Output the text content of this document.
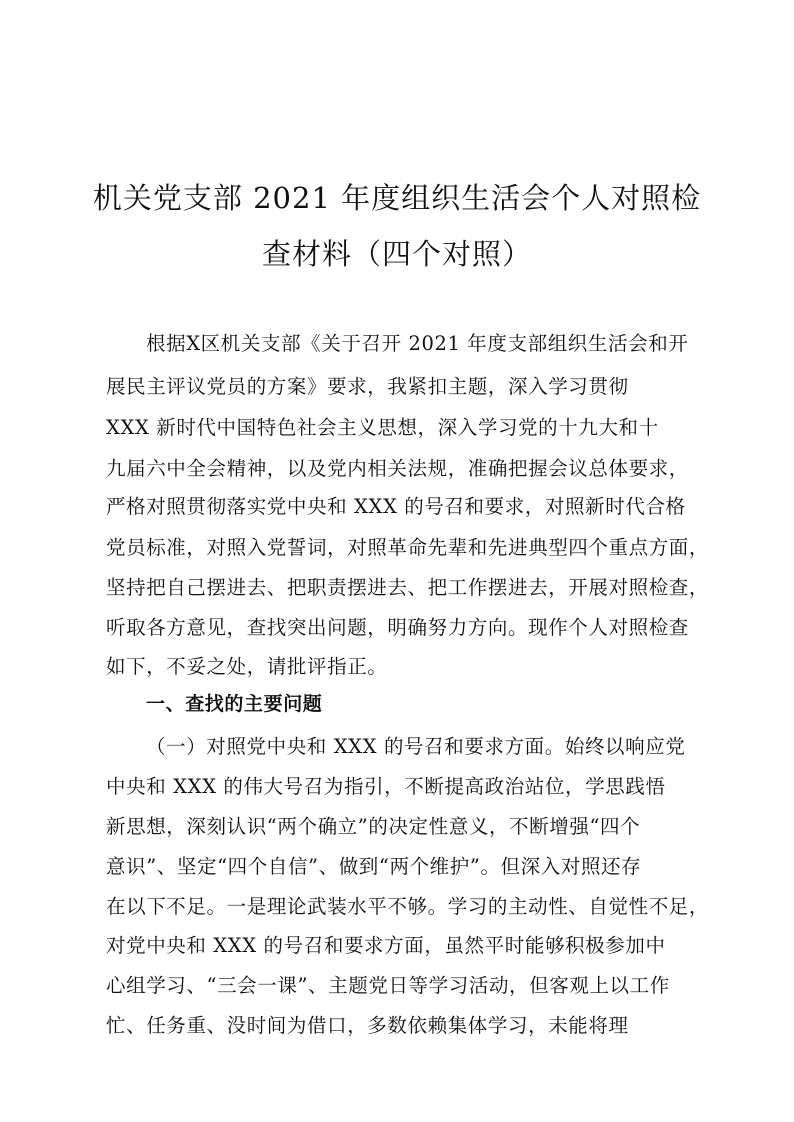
机关党支部 2021 年度组织生活会个人对照检
查材料（四个对照）
根据X区机关支部《关于召开 2021 年度支部组织生活会和开
展民主评议党员的方案》要求，我紧扣主题，深入学习贯彻
XXX 新时代中国特色社会主义思想，深入学习党的十九大和十
九届六中全会精神，以及党内相关法规，准确把握会议总体要求，
严格对照贯彻落实党中央和 XXX 的号召和要求，对照新时代合格
党员标准，对照入党誓词，对照革命先辈和先进典型四个重点方面，
坚持把自己摆进去、把职责摆进去、把工作摆进去，开展对照检查，
听取各方意见，查找突出问题，明确努力方向。现作个人对照检查
如下，不妥之处，请批评指正。
一、查找的主要问题
（一）对照党中央和 XXX 的号召和要求方面。始终以响应党
中央和 XXX 的伟大号召为指引，不断提高政治站位，学思践悟
新思想，深刻认识“两个确立”的决定性意义，不断增强“四个
意识”、坚定“四个自信”、做到“两个维护”。但深入对照还存
在以下不足。一是理论武装水平不够。学习的主动性、自觉性不足，
对党中央和 XXX 的号召和要求方面，虽然平时能够积极参加中
心组学习、“三会一课”、主题党日等学习活动，但客观上以工作
忙、任务重、没时间为借口，多数依赖集体学习，未能将理
